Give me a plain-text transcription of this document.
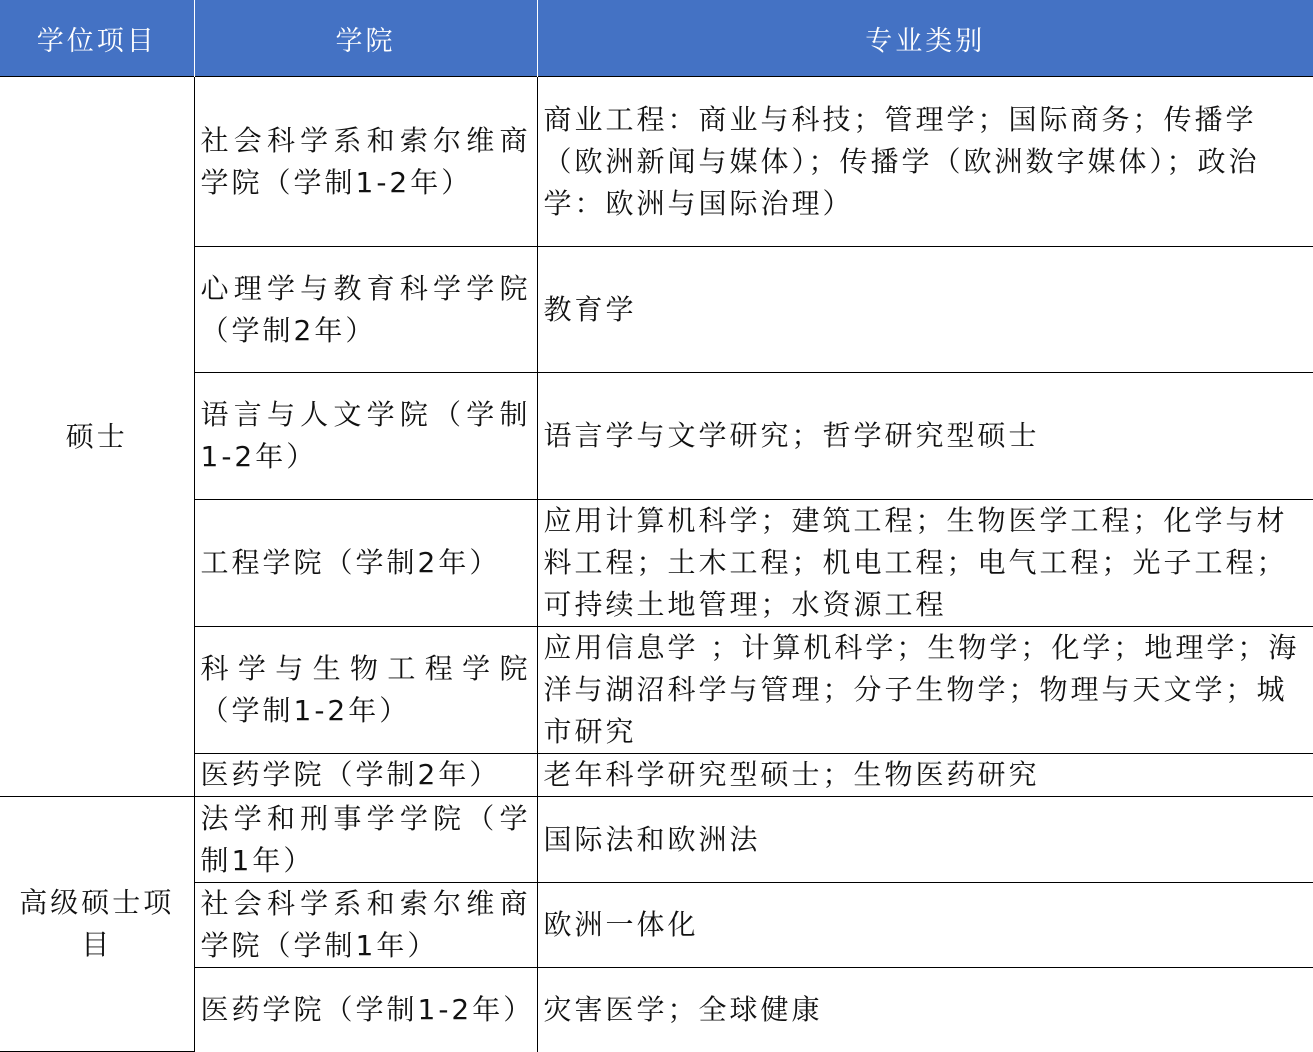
学位项目	学院	专业类别
硕士	社会科学系和索尔维商学院（学制1-2年）	商业工程：商业与科技；管理学；国际商务；传播学（欧洲新闻与媒体）；传播学（欧洲数字媒体）；政治学：欧洲与国际治理）
	心理学与教育科学学院（学制2年）	教育学
	语言与人文学院（学制1-2年）	语言学与文学研究；哲学研究型硕士
	工程学院（学制2年）	应用计算机科学；建筑工程；生物医学工程；化学与材料工程；土木工程；机电工程；电气工程；光子工程；可持续土地管理；水资源工程
	科学与生物工程学院（学制1-2年）	应用信息学 ；计算机科学；生物学；化学；地理学；海洋与湖沼科学与管理；分子生物学；物理与天文学；城市研究
	医药学院（学制2年）	老年科学研究型硕士；生物医药研究
高级硕士项目	法学和刑事学学院（学制1年）	国际法和欧洲法
	社会科学系和索尔维商学院（学制1年）	欧洲一体化
	医药学院（学制1-2年）	灾害医学；全球健康
